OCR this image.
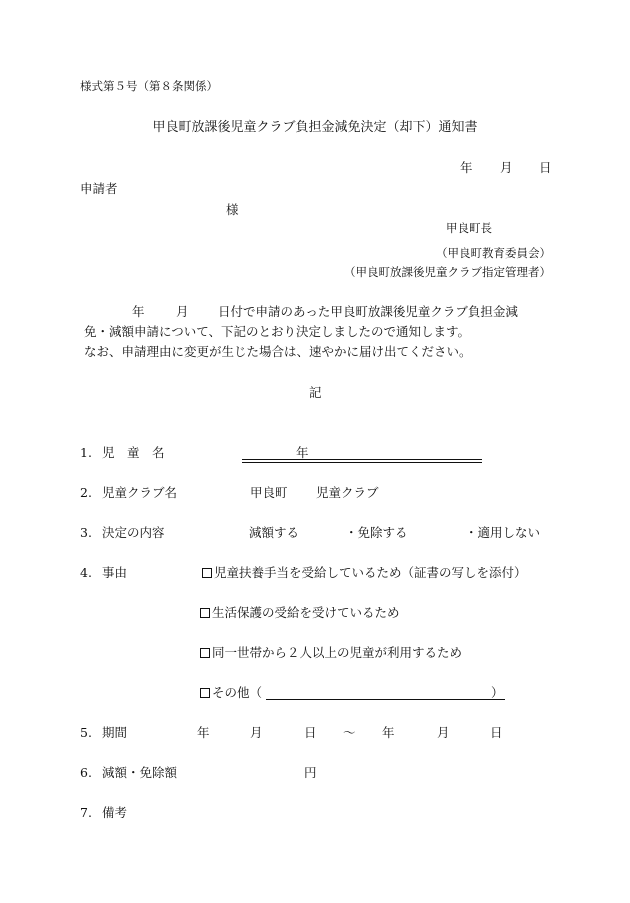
様式第５号（第８条関係）
甲良町放課後児童クラブ負担金減免決定（却下）通知書
年 月 日
申請者
様
甲良町長
（甲良町教育委員会）
（甲良町放課後児童クラブ指定管理者）
年	月 日付で申請のあった甲良町放課後児童クラブ負担金減
免・減額申請について、下記のとおり決定しましたので通知します。
なお、申請理由に変更が生じた場合は、速やかに届け出てください。
記
1. 児　童　名	年
2. 児童クラブ名	甲良町 児童クラブ
3. 決定の内容	減額する	・免除する	・適用しない
4. 事由	児童扶養手当を受給しているため（証書の写しを添付）
生活保護の受給を受けているため
同一世帯から２人以上の児童が利用するため
その他（	）
5. 期間	年	月	日 〜 年	月	日
6. 減額・免除額	円
7. 備考
